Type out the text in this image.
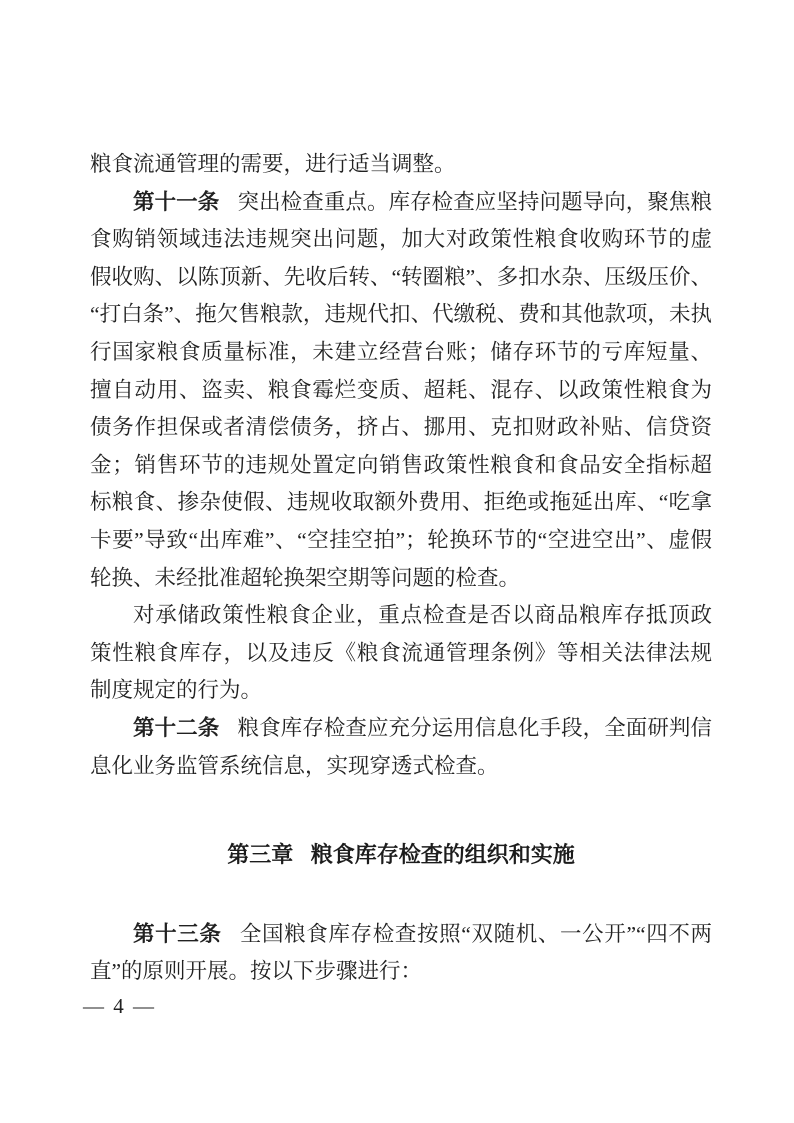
粮食流通管理的需要，进行适当调整。

第十一条 突出检查重点。库存检查应坚持问题导向，聚焦粮食购销领域违法违规突出问题，加大对政策性粮食收购环节的虚假收购、以陈顶新、先收后转、“转圈粮”、多扣水杂、压级压价、“打白条”、拖欠售粮款，违规代扣、代缴税、费和其他款项，未执行国家粮食质量标准，未建立经营台账；储存环节的亏库短量、擅自动用、盗卖、粮食霉烂变质、超耗、混存、以政策性粮食为债务作担保或者清偿债务，挤占、挪用、克扣财政补贴、信贷资金；销售环节的违规处置定向销售政策性粮食和食品安全指标超标粮食、掺杂使假、违规收取额外费用、拒绝或拖延出库、“吃拿卡要”导致“出库难”、“空挂空拍”；轮换环节的“空进空出”、虚假轮换、未经批准超轮换架空期等问题的检查。

对承储政策性粮食企业，重点检查是否以商品粮库存抵顶政策性粮食库存，以及违反《粮食流通管理条例》等相关法律法规制度规定的行为。

第十二条 粮食库存检查应充分运用信息化手段，全面研判信息化业务监管系统信息，实现穿透式检查。

第三章 粮食库存检查的组织和实施

第十三条 全国粮食库存检查按照“双随机、一公开”“四不两直”的原则开展。按以下步骤进行：

— 4 —
